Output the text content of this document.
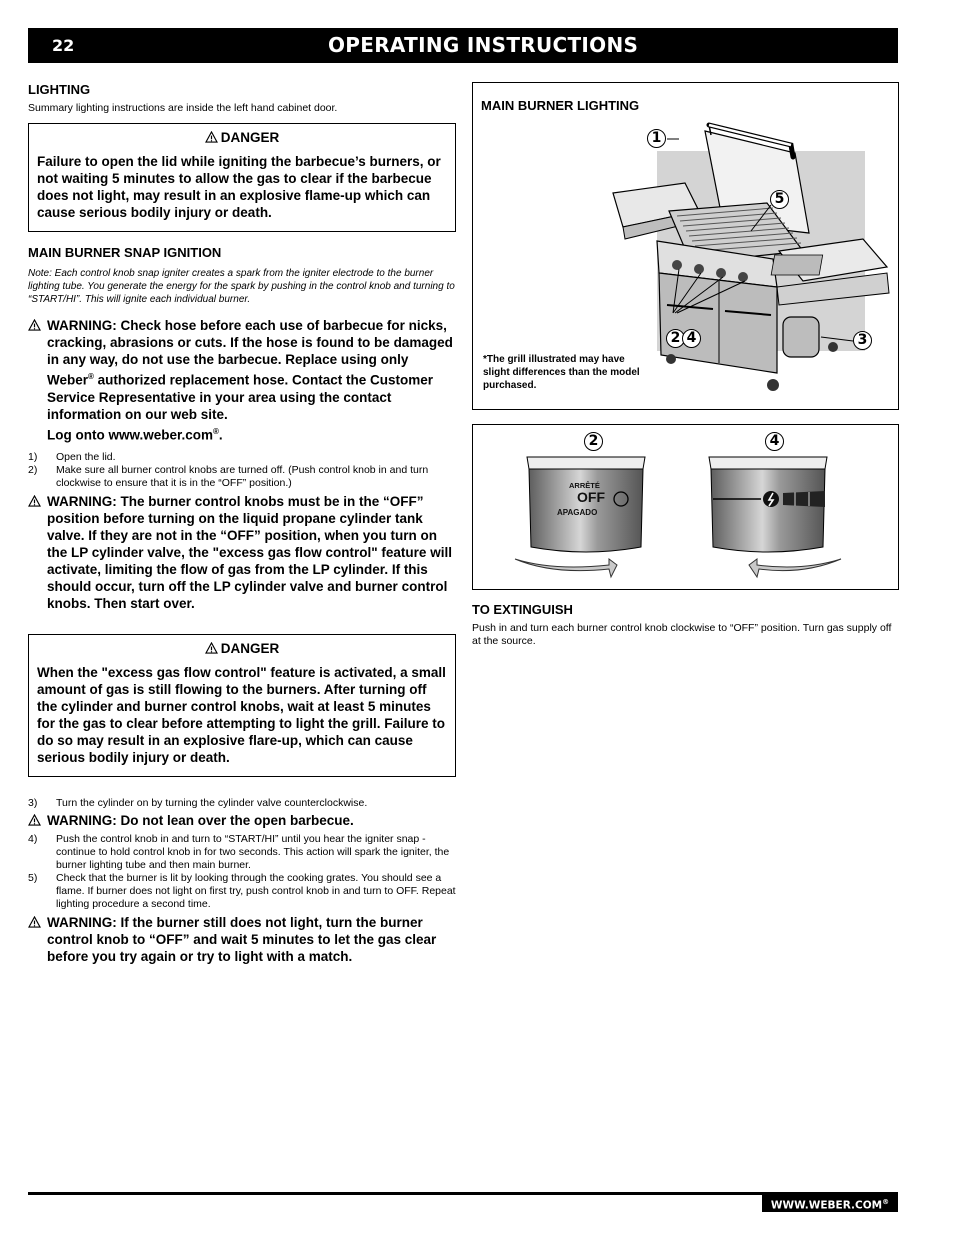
22	OPERATING INSTRUCTIONS
LIGHTING
Summary lighting instructions are inside the left hand cabinet door.
DANGER
Failure to open the lid while igniting the barbecue’s burners, or not waiting 5 minutes to allow the gas to clear if the barbecue does not light, may result in an explosive flame-up which can cause serious bodily injury or death.
MAIN BURNER SNAP IGNITION
Note: Each control knob snap igniter creates a spark from the igniter electrode to the burner lighting tube. You generate the energy for the spark by pushing in the control knob and turning to “START/HI”. This will ignite each individual burner.
WARNING: Check hose before each use of barbecue for nicks, cracking, abrasions or cuts. If the hose is found to be damaged in any way, do not use the barbecue. Replace using only Weber® authorized replacement hose. Contact the Customer Service Representative in your area using the contact information on our web site.
Log onto www.weber.com®.
1) Open the lid.
2) Make sure all burner control knobs are turned off. (Push control knob in and turn clockwise to ensure that it is in the “OFF” position.)
WARNING: The burner control knobs must be in the “OFF” position before turning on the liquid propane cylinder tank valve. If they are not in the “OFF” position, when you turn on the LP cylinder valve, the "excess gas flow control" feature will activate, limiting the flow of gas from the LP cylinder. If this should occur, turn off the LP cylinder valve and burner control knobs. Then start over.
DANGER
When the "excess gas flow control" feature is activated, a small amount of gas is still flowing to the burners. After turning off the cylinder and burner control knobs, wait at least 5 minutes for the gas to clear before attempting to light the grill. Failure to do so may result in an explosive flare-up, which can cause serious bodily injury or death.
3) Turn the cylinder on by turning the cylinder valve counterclockwise.
WARNING: Do not lean over the open barbecue.
4) Push the control knob in and turn to “START/HI” until you hear the igniter snap - continue to hold control knob in for two seconds. This action will spark the igniter, the burner lighting tube and then main burner.
5) Check that the burner is lit by looking through the cooking grates. You should see a flame. If burner does not light on first try, push control knob in and turn to OFF. Repeat lighting procedure a second time.
WARNING: If the burner still does not light, turn the burner control knob to “OFF” and wait 5 minutes to let the gas clear before you try again or try to light with a match.
MAIN BURNER LIGHTING
1
5
2 4	3
*The grill illustrated may have slight differences than the model purchased.
2	4
ARRÊTÉ
OFF
APAGADO
TO EXTINGUISH
Push in and turn each burner control knob clockwise to “OFF” position. Turn gas supply off at the source.
WWW.WEBER.COM®
